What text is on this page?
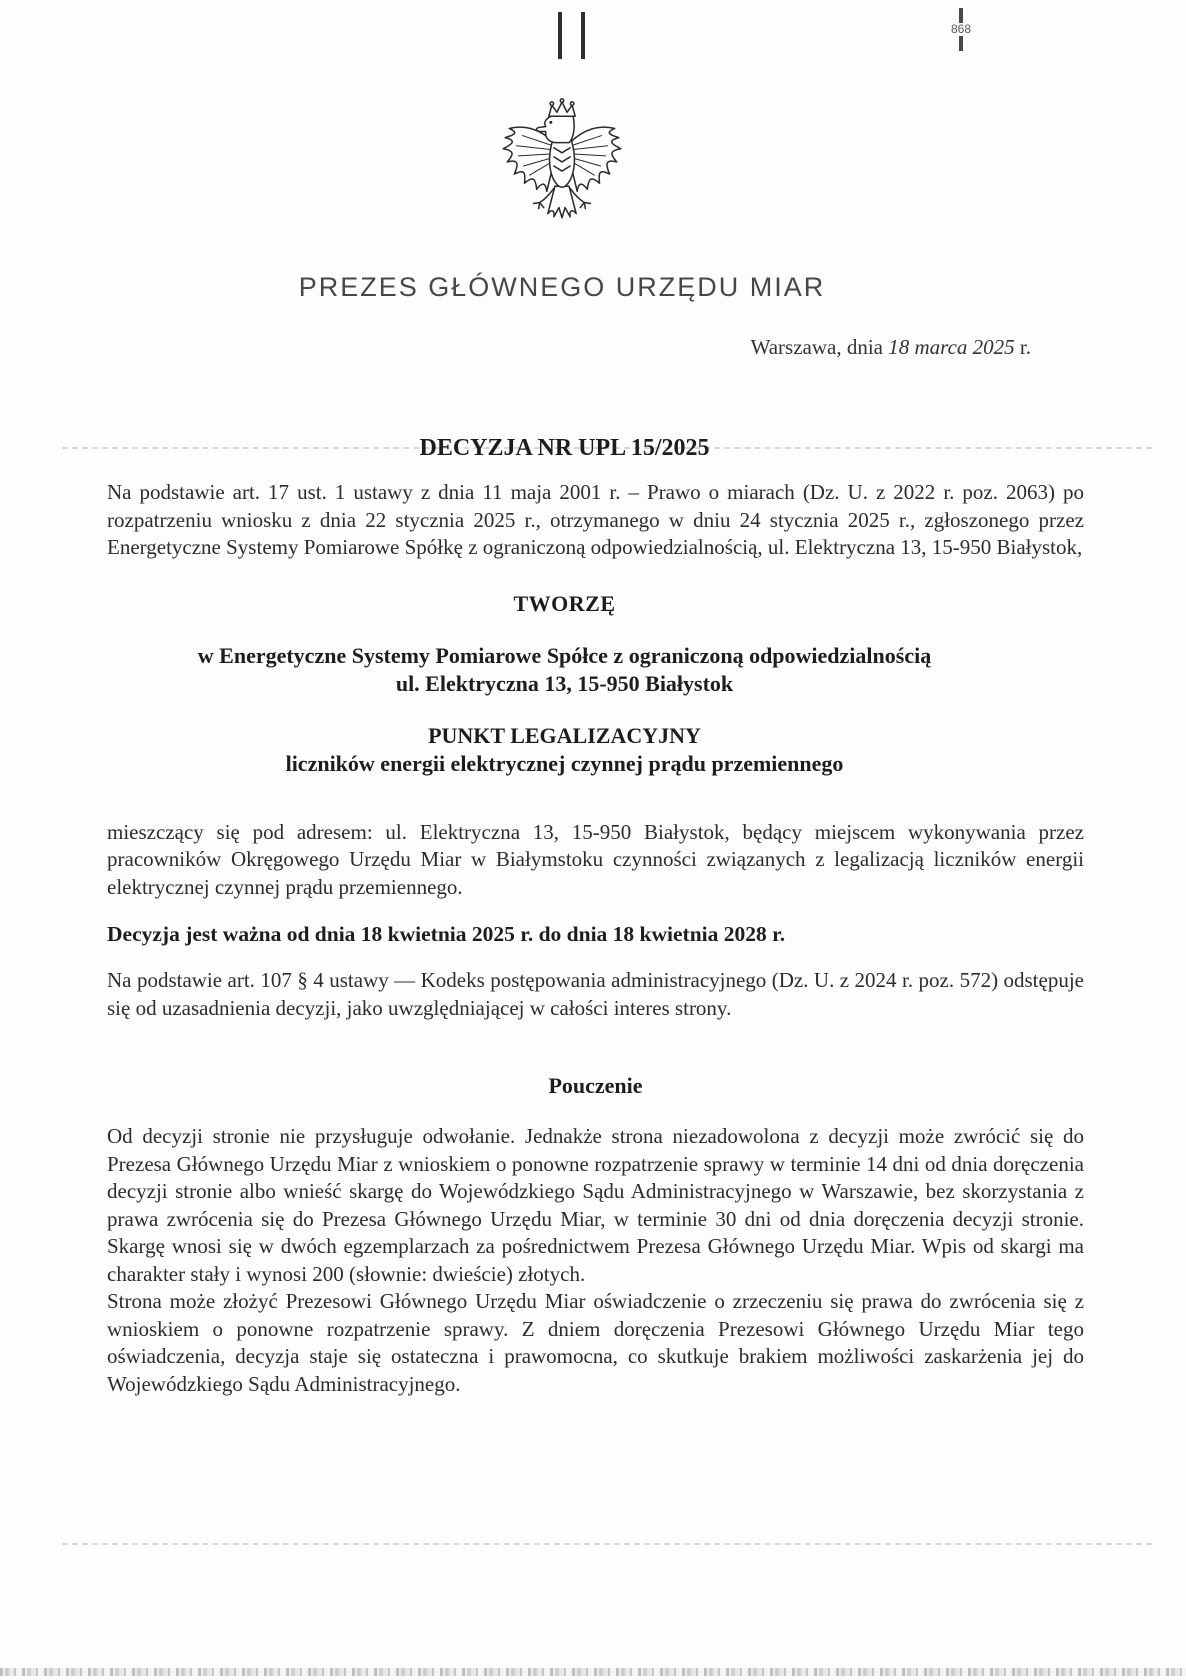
868
PREZES GŁÓWNEGO URZĘDU MIAR
Warszawa, dnia 18 marca 2025 r.
DECYZJA NR UPL 15/2025

Na podstawie art. 17 ust. 1 ustawy z dnia 11 maja 2001 r. – Prawo o miarach (Dz. U. z 2022 r. poz. 2063) po rozpatrzeniu wniosku z dnia 22 stycznia 2025 r., otrzymanego w dniu 24 stycznia 2025 r., zgłoszonego przez Energetyczne Systemy Pomiarowe Spółkę z ograniczoną odpowiedzialnością, ul. Elektryczna 13, 15-950 Białystok,

TWORZĘ
w Energetyczne Systemy Pomiarowe Spółce z ograniczoną odpowiedzialnością
ul. Elektryczna 13, 15-950 Białystok
PUNKT LEGALIZACYJNY
liczników energii elektrycznej czynnej prądu przemiennego

mieszczący się pod adresem: ul. Elektryczna 13, 15-950 Białystok, będący miejscem wykonywania przez pracowników Okręgowego Urzędu Miar w Białymstoku czynności związanych z legalizacją liczników energii elektrycznej czynnej prądu przemiennego.

Decyzja jest ważna od dnia 18 kwietnia 2025 r. do dnia 18 kwietnia 2028 r.

Na podstawie art. 107 § 4 ustawy — Kodeks postępowania administracyjnego (Dz. U. z 2024 r. poz. 572) odstępuje się od uzasadnienia decyzji, jako uwzględniającej w całości interes strony.

Pouczenie

Od decyzji stronie nie przysługuje odwołanie. Jednakże strona niezadowolona z decyzji może zwrócić się do Prezesa Głównego Urzędu Miar z wnioskiem o ponowne rozpatrzenie sprawy w terminie 14 dni od dnia doręczenia decyzji stronie albo wnieść skargę do Wojewódzkiego Sądu Administracyjnego w Warszawie, bez skorzystania z prawa zwrócenia się do Prezesa Głównego Urzędu Miar, w terminie 30 dni od dnia doręczenia decyzji stronie. Skargę wnosi się w dwóch egzemplarzach za pośrednictwem Prezesa Głównego Urzędu Miar. Wpis od skargi ma charakter stały i wynosi 200 (słownie: dwieście) złotych.

Strona może złożyć Prezesowi Głównego Urzędu Miar oświadczenie o zrzeczeniu się prawa do zwrócenia się z wnioskiem o ponowne rozpatrzenie sprawy. Z dniem doręczenia Prezesowi Głównego Urzędu Miar tego oświadczenia, decyzja staje się ostateczna i prawomocna, co skutkuje brakiem możliwości zaskarżenia jej do Wojewódzkiego Sądu Administracyjnego.
